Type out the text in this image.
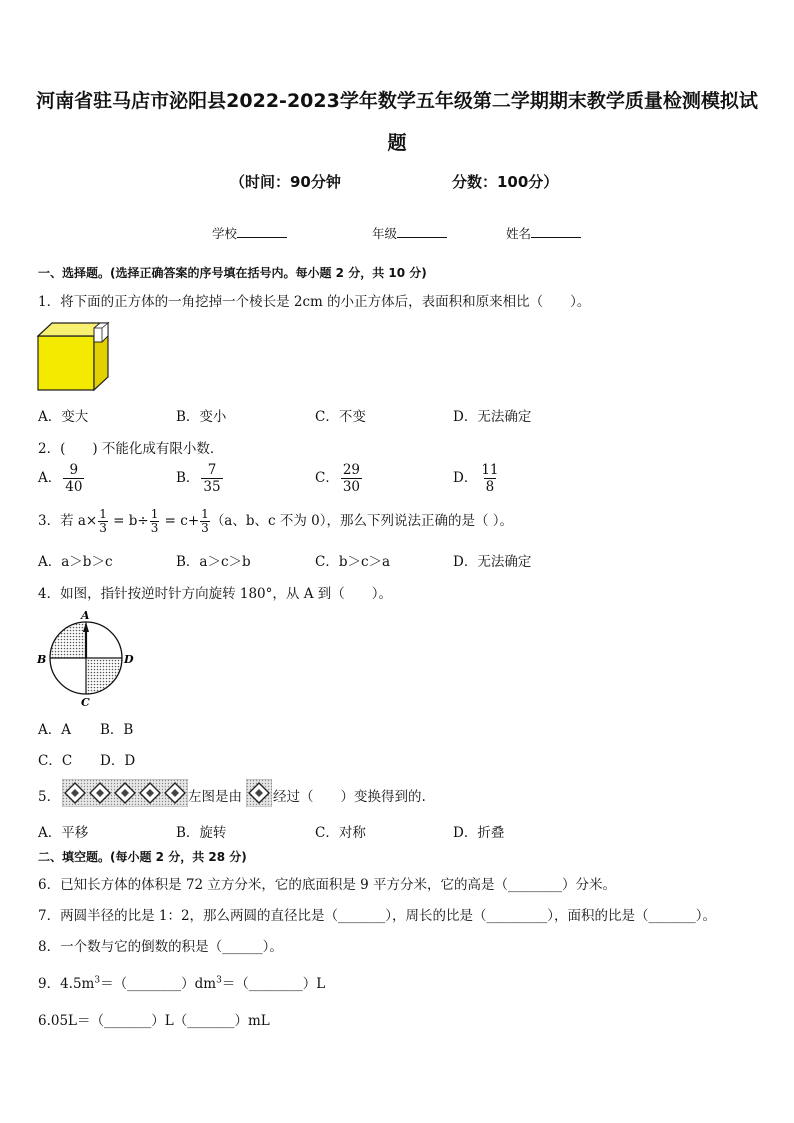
河南省驻马店市泌阳县2022-2023学年数学五年级第二学期期末教学质量检测模拟试
题
（时间：90分钟	分数：100分）
学校	年级	姓名
一、选择题。(选择正确答案的序号填在括号内。每小题 2 分，共 10 分)
1．将下面的正方体的一角挖掉一个棱长是 2cm 的小正方体后，表面积和原来相比（　　）。
A．变大	B．变小	C．不变	D．无法确定
2．(　　) 不能化成有限小数．
A． $\frac{9}{40}$	B． $\frac{7}{35}$	C． $\frac{29}{30}$	D． $\frac{11}{8}$
3．若 $a\times \frac{1}{3} = b\div \frac{1}{3} = c+ \frac{1}{3} (a$、b、c 不为 0），那么下列说法正确的是（ ）。
A．a＞b＞c	B．a＞c＞b	C．b＞c＞a	D．无法确定
4．如图，指针按逆时针方向旋转 180°，从 A 到（　　）。
A
B	D
C
A．A B．B
C．C D．D
5．	左图是由 经过（　　）变换得到的.
A．平移	B．旋转	C．对称	D．折叠
二、填空题。(每小题 2 分，共 28 分)
6．已知长方体的体积是 72 立方分米，它的底面积是 9 平方分米，它的高是（________）分米。
7．两圆半径的比是 1：2，那么两圆的直径比是（_______），周长的比是（_________），面积的比是（_______）。
8．一个数与它的倒数的积是（______）。
9．$4.5m^3=(\_\_\_\_\_\_\_\_)dm^3=(\_\_\_\_\_\_\_\_)L$
6.05L＝（_______）L（_______）mL
